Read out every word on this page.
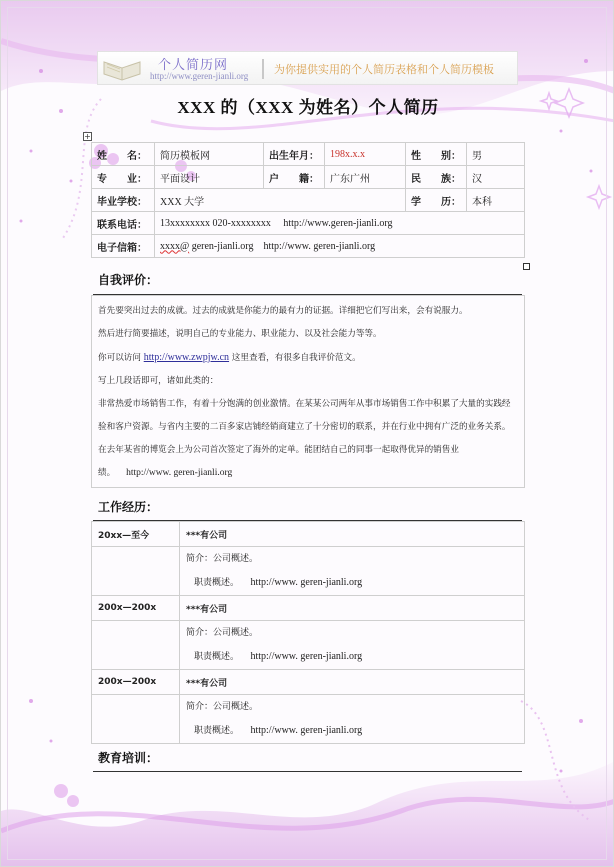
个人简历网
http://www.geren-jianli.org 为你提供实用的个人简历表格和个人简历模板
XXX 的（XXX 为姓名）个人简历
+
姓　　名：	简历模板网	出生年月：	198x.x.x	性　　别：	男
专　　业：	平面设计	户　　籍：	广东广州	民　　族：	汉
毕业学校：	XXX 大学			学　　历：	本科
联系电话：	13xxxxxxxx 020-xxxxxxxx http://www.geren-jianli.org				
电子信箱：	xxxx@ geren-jianli.org http://www. geren-jianli.org				
自我评价：

首先要突出过去的成就。过去的成就是你能力的最有力的证据。详细把它们写出来，会有说服力。

然后进行简要描述，说明自己的专业能力、职业能力、以及社会能力等等。

你可以访问 http://www.zwpjw.cn 这里查看，有很多自我评价范文。

写上几段话即可，诸如此类的：

非常热爱市场销售工作，有着十分饱满的创业激情。在某某公司两年从事市场销售工作中积累了大量的实践经验和客户资源。与省内主要的二百多家店铺经销商建立了十分密切的联系，并在行业中拥有广泛的业务关系。在去年某省的博览会上为公司首次签定了海外的定单。能团结自己的同事一起取得优异的销售业绩。 http://www. geren-jianli.org

工作经历：
20xx—至今	***有公司

	简介：公司概述。
职责概述。 http://www. geren-jianli.org

200x—200x	***有公司

	简介：公司概述。
职责概述。 http://www. geren-jianli.org

200x—200x	***有公司

	简介：公司概述。
职责概述。 http://www. geren-jianli.org
教育培训：
